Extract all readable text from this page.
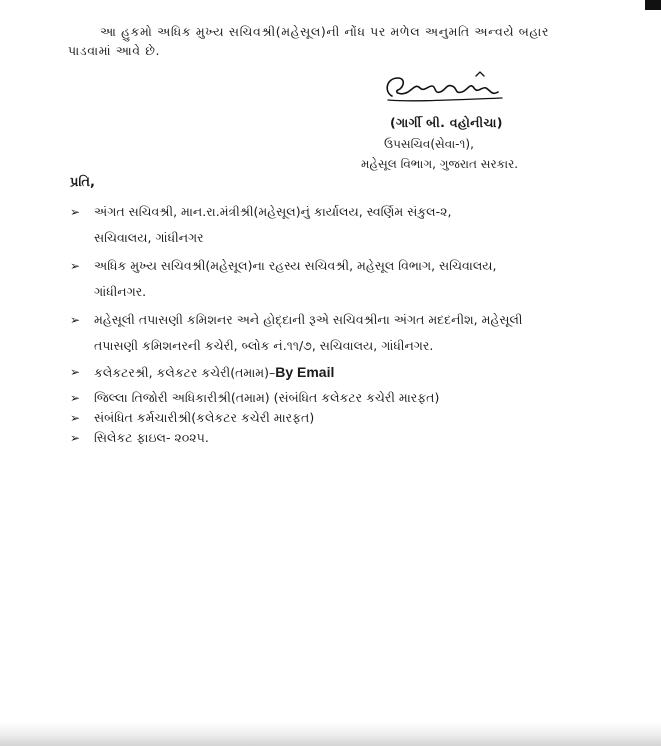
આ હુકમો અધિક મુખ્ય સચિવશ્રી(મહેસૂલ)ની નોંધ પર મળેલ અનુમતિ અન્વયે બહાર
પાડવામાં આવે છે.
(ગાર્ગી બી. વહોનીચા)
ઉપસચિવ(સેવા-૧),
મહેસૂલ વિભાગ, ગુજરાત સરકાર.
પ્રતિ,
➢ અંગત સચિવશ્રી, માન.રા.મંત્રીશ્રી(મહેસૂલ)નું કાર્યાલય, સ્વર્ણિમ સંકુલ-૨,
સચિવાલય, ગાંધીનગર
➢ અધિક મુખ્ય સચિવશ્રી(મહેસૂલ)ના રહસ્ય સચિવશ્રી, મહેસૂલ વિભાગ, સચિવાલય,
ગાંધીનગર.
➢ મહેસૂલી તપાસણી કમિશનર અને હોદ્દાની રૂએ સચિવશ્રીના અંગત મદદનીશ, મહેસૂલી
તપાસણી કમિશનરની કચેરી, બ્લોક નં.૧૧/૭, સચિવાલય, ગાંધીનગર.
➢ કલેકટરશ્રી, કલેકટર કચેરી(તમામ)–By Email
➢ જિલ્લા તિજોરી અધિકારીશ્રી(તમામ) (સંબંધિત કલેકટર કચેરી મારફત)
➢ સંબંધિત કર્મચારીશ્રી(કલેકટર કચેરી મારફત)
➢ સિલેકટ ફાઇલ- ૨૦૨૫.
